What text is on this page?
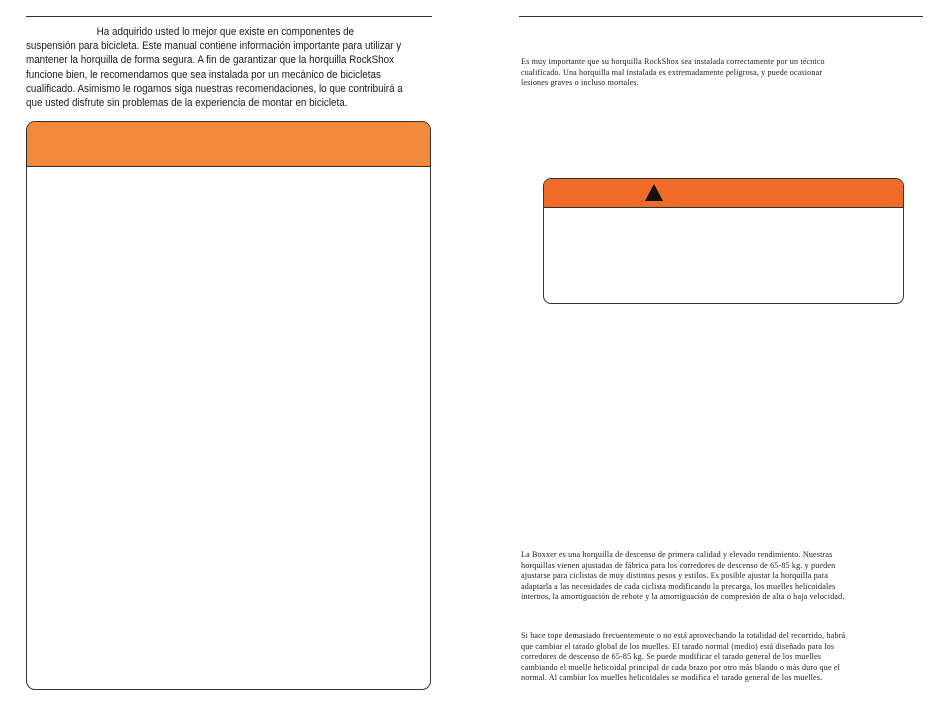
Ha adquirido usted lo mejor que existe en componentes de
suspensión para bicicleta. Este manual contiene información importante para utilizar y
mantener la horquilla de forma segura. A fin de garantizar que la horquilla RockShox
funcione bien, le recomendamos que sea instalada por un mecánico de bicicletas
cualificado. Asimismo le rogamos siga nuestras recomendaciones, lo que contribuirá a
que usted disfrute sin problemas de la experiencia de montar en bicicleta.
Es muy importante que su horquilla RockShox sea instalada correctamente por un técnico
cualificado. Una horquilla mal instalada es extremadamente peligrosa, y puede ocasionar
lesiones graves o incluso mortales.
La Boxxer es una horquilla de descenso de primera calidad y elevado rendimiento. Nuestras
horquillas vienen ajustadas de fábrica para los corredores de descenso de 65-85 kg. y pueden
ajustarse para ciclistas de muy distintos pesos y estilos. Es posible ajustar la horquilla para
adaptarla a las necesidades de cada ciclista modificando la precarga, los muelles helicoidales
internos, la amortiguación de rebote y la amortiguación de compresión de alta o baja velocidad.
Si hace tope demasiado frecuentemente o no está aprovechando la totalidad del recorrido, habrá
que cambiar el tarado global de los muelles. El tarado normal (medio) está diseñado para los
corredores de descenso de 65-85 kg. Se puede modificar el tarado general de los muelles
cambiando el muelle helicoidal principal de cada brazo por otro más blando o más duro que el
normal. Al cambiar los muelles helicoidales se modifica el tarado general de los muelles.
